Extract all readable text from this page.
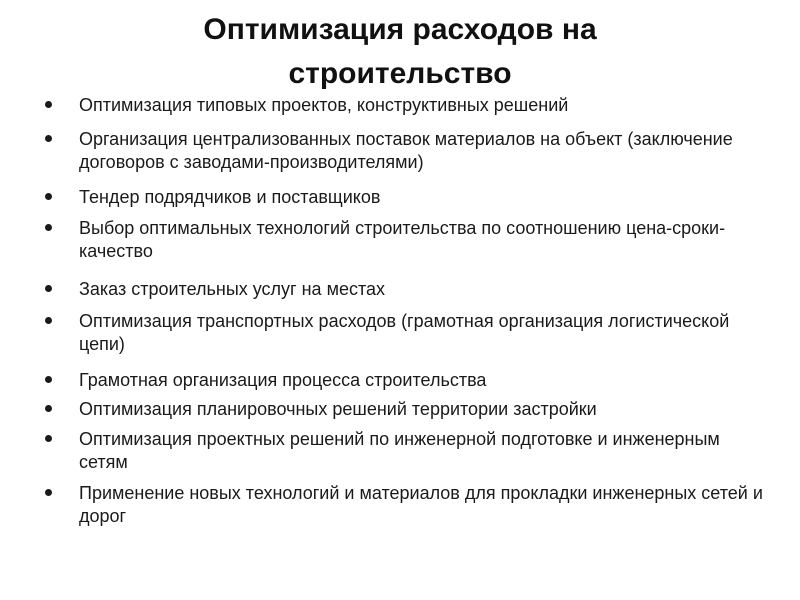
Оптимизация расходов на строительство
Оптимизация типовых проектов, конструктивных решений
Организация централизованных поставок материалов на объект (заключение договоров с заводами-производителями)
Тендер подрядчиков и поставщиков
Выбор оптимальных технологий строительства по соотношению цена-сроки-качество
Заказ строительных услуг на местах
Оптимизация транспортных расходов (грамотная организация логистической цепи)
Грамотная организация процесса строительства
Оптимизация планировочных решений территории застройки
Оптимизация проектных решений по инженерной подготовке и инженерным сетям
Применение новых технологий и материалов для прокладки инженерных сетей и дорог
